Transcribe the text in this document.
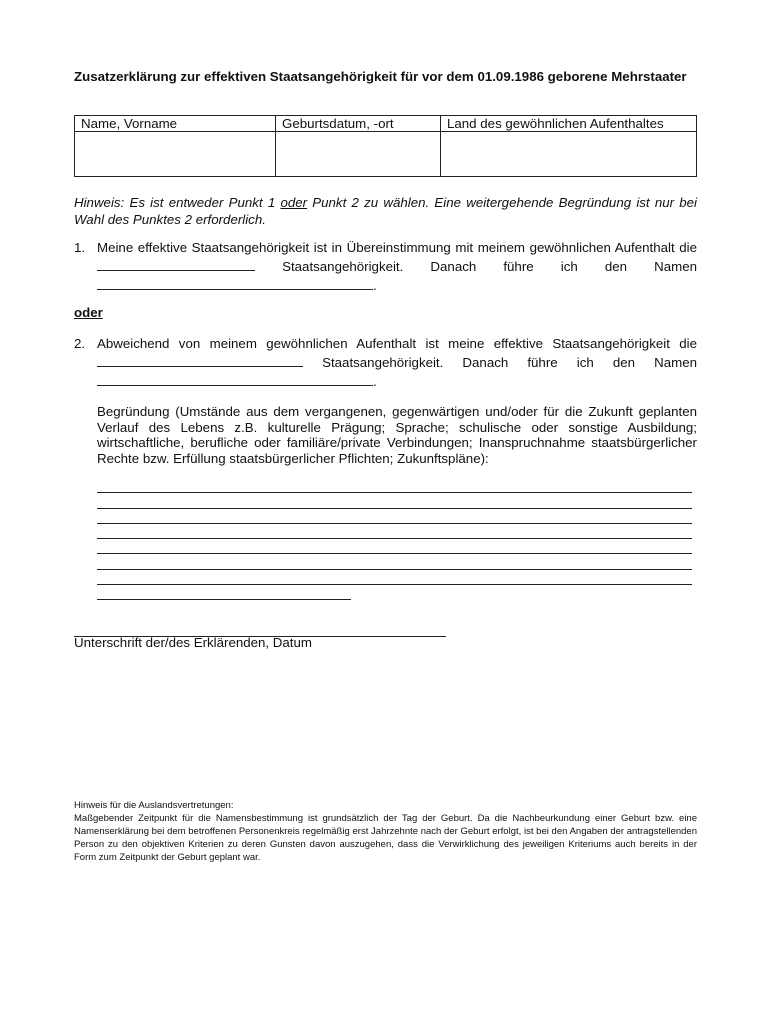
Zusatzerklärung zur effektiven Staatsangehörigkeit für vor dem 01.09.1986 geborene Mehrstaater
Name, Vorname	Geburtsdatum, -ort	Land des gewöhnlichen Aufenthaltes

Hinweis: Es ist entweder Punkt 1 oder Punkt 2 zu wählen. Eine weitergehende Begründung ist nur bei Wahl des Punktes 2 erforderlich.
1. Meine effektive Staatsangehörigkeit ist in Übereinstimmung mit meinem gewöhnlichen Aufenthalt die  Staatsangehörigkeit. Danach führe ich den Namen .
oder
2. Abweichend von meinem gewöhnlichen Aufenthalt ist meine effektive Staatsangehörigkeit die  Staatsangehörigkeit. Danach führe ich den Namen .
Begründung (Umstände aus dem vergangenen, gegenwärtigen und/oder für die Zukunft geplanten Verlauf des Lebens z.B. kulturelle Prägung; Sprache; schulische oder sonstige Ausbildung; wirtschaftliche, berufliche oder familiäre/private Verbindungen; Inanspruchnahme staatsbürgerlicher Rechte bzw. Erfüllung staatsbürgerlicher Pflichten; Zukunftspläne):
Unterschrift der/des Erklärenden, Datum
Hinweis für die Auslandsvertretungen:
Maßgebender Zeitpunkt für die Namensbestimmung ist grundsätzlich der Tag der Geburt. Da die Nachbeurkundung einer Geburt bzw. eine Namenserklärung bei dem betroffenen Personenkreis regelmäßig erst Jahrzehnte nach der Geburt erfolgt, ist bei den Angaben der antragstellenden Person zu den objektiven Kriterien zu deren Gunsten davon auszugehen, dass die Verwirklichung des jeweiligen Kriteriums auch bereits in der Form zum Zeitpunkt der Geburt geplant war.
